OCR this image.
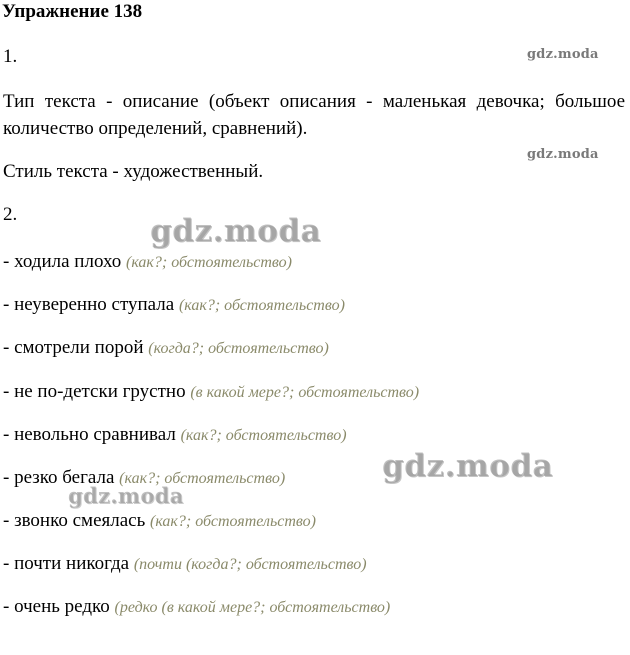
Упражнение 138
1.	gdz.moda
Тип текста - описание (объект описания - маленькая девочка; большое количество определений, сравнений).
gdz.moda
Стиль текста - художественный.
2.	gdz.moda
- ходила плохо (как?; обстоятельство)
- неуверенно ступала (как?; обстоятельство)
- смотрели порой (когда?; обстоятельство)
- не по-детски грустно (в какой мере?; обстоятельство)
- невольно сравнивал (как?; обстоятельство)
gdz.moda
- резко бегала (как?; обстоятельство)
gdz.moda
- звонко смеялась (как?; обстоятельство)
- почти никогда (почти (когда?; обстоятельство)
- очень редко (редко (в какой мере?; обстоятельство)
